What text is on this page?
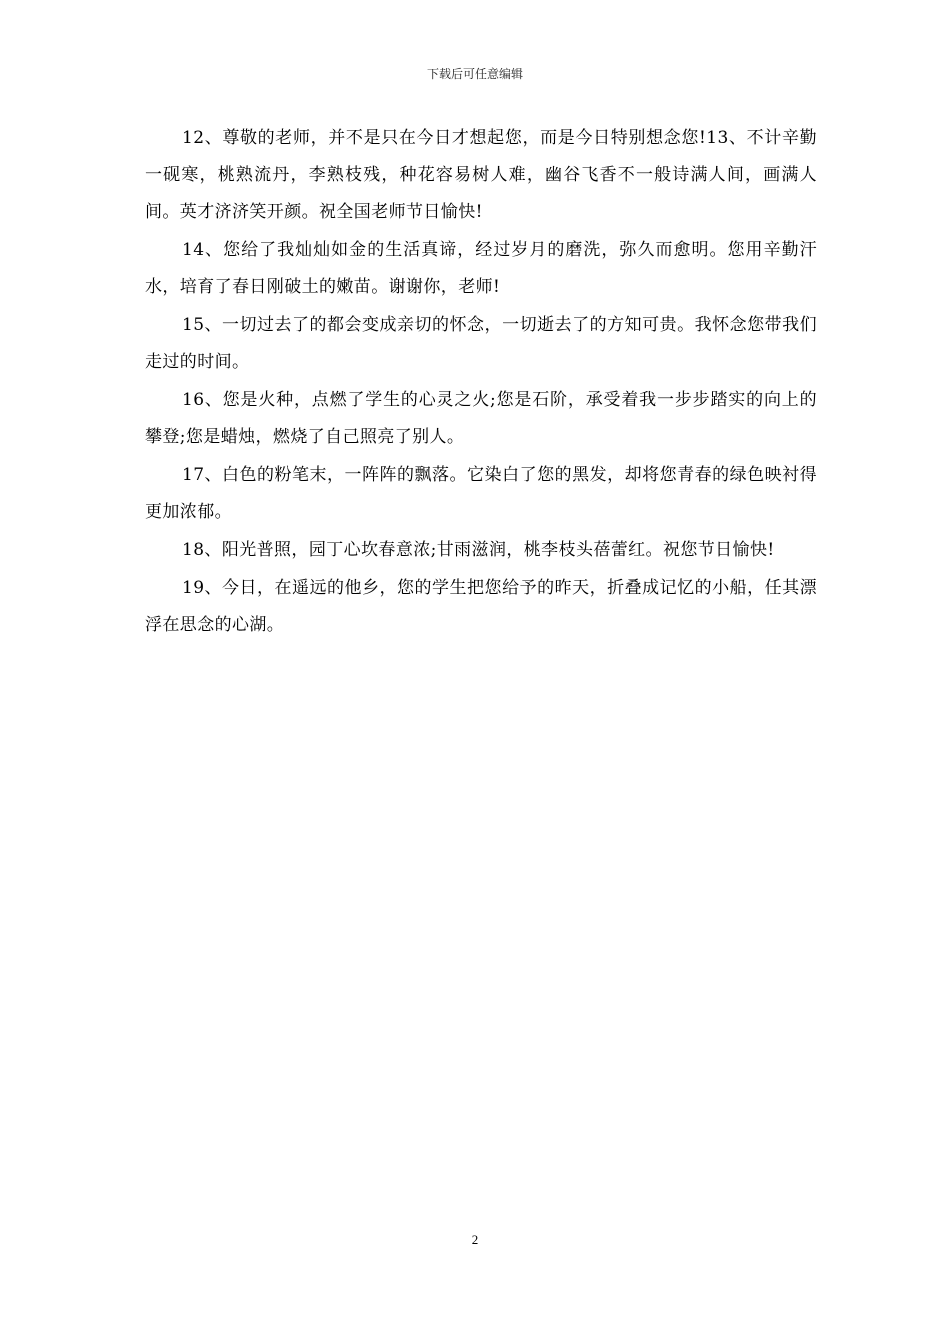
下载后可任意编辑

12、尊敬的老师，并不是只在今日才想起您，而是今日特别想念您!13、不计辛勤一砚寒，桃熟流丹，李熟枝残，种花容易树人难，幽谷飞香不一般诗满人间，画满人间。英才济济笑开颜。祝全国老师节日愉快!

14、您给了我灿灿如金的生活真谛，经过岁月的磨洗，弥久而愈明。您用辛勤汗水，培育了春日刚破土的嫩苗。谢谢你，老师!

15、一切过去了的都会变成亲切的怀念，一切逝去了的方知可贵。我怀念您带我们走过的时间。

16、您是火种，点燃了学生的心灵之火;您是石阶，承受着我一步步踏实的向上的攀登;您是蜡烛，燃烧了自己照亮了别人。

17、白色的粉笔末，一阵阵的飘落。它染白了您的黑发，却将您青春的绿色映衬得更加浓郁。

18、阳光普照，园丁心坎春意浓;甘雨滋润，桃李枝头蓓蕾红。祝您节日愉快!

19、今日，在遥远的他乡，您的学生把您给予的昨天，折叠成记忆的小船，任其漂浮在思念的心湖。

2
